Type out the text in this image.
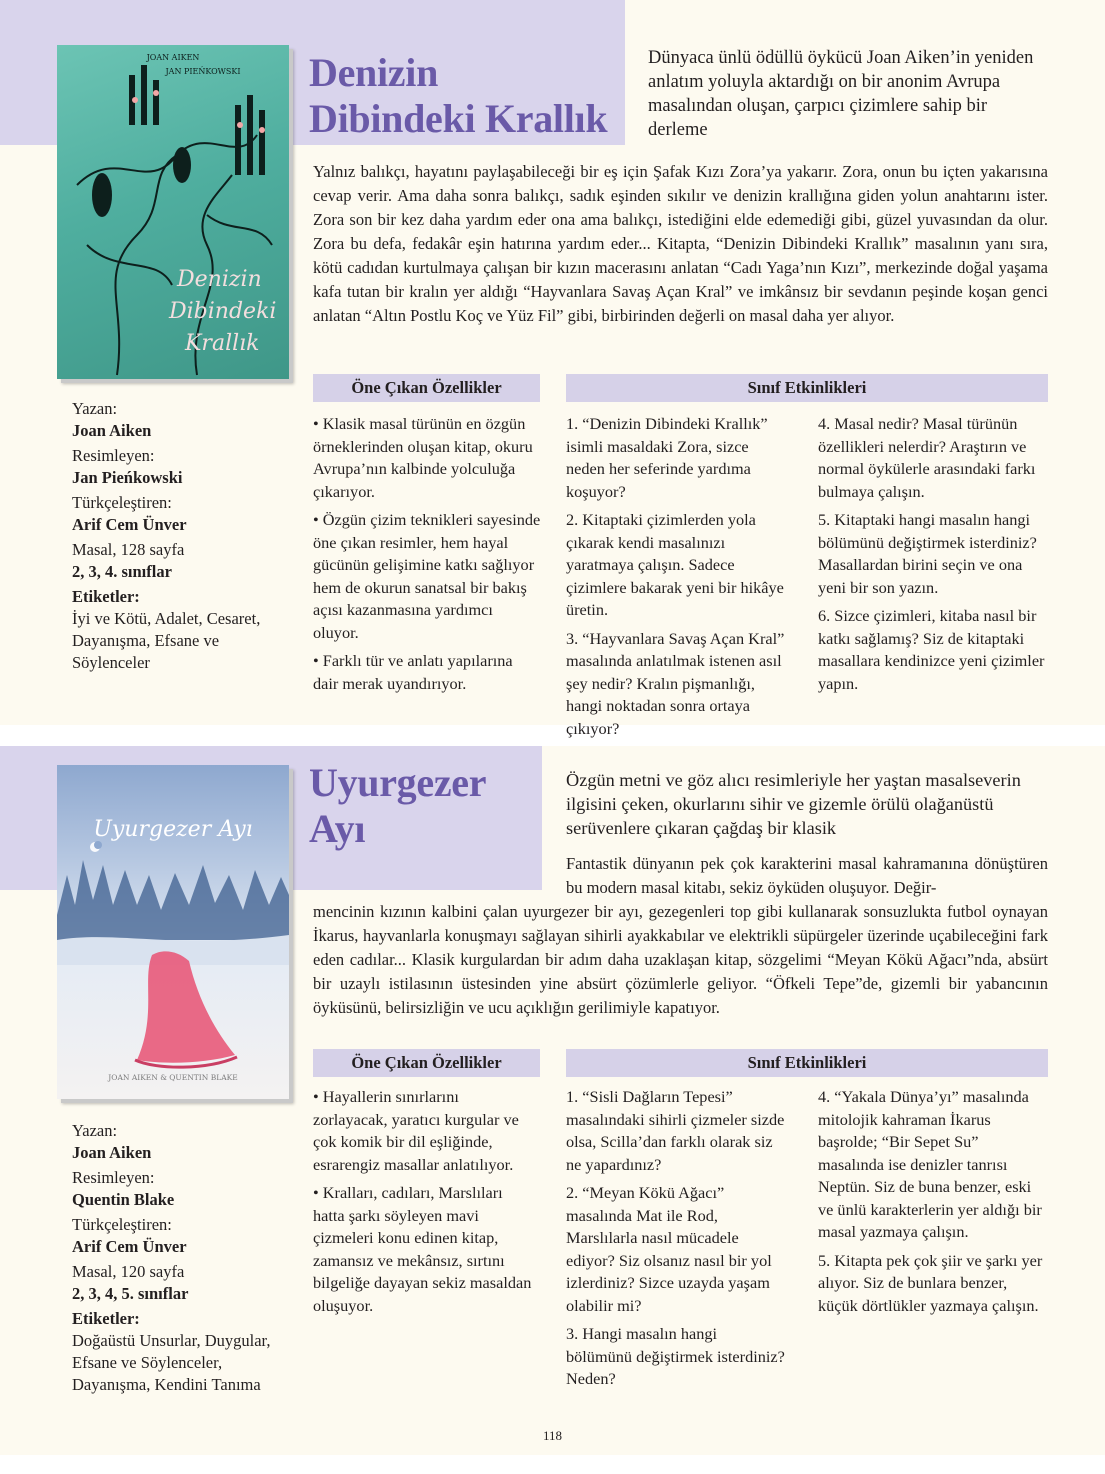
JOAN AIKEN
JAN PIEŃKOWSKI
Denizin
Dibindeki
Krallık
Denizin
Dibindeki Krallık
Dünyaca ünlü ödüllü öykücü Joan Aiken’in yeniden anlatım yoluyla aktardığı on bir anonim Avrupa masalından oluşan, çarpıcı çizimlere sahip bir derleme

Yalnız balıkçı, hayatını paylaşabileceği bir eş için Şafak Kızı Zora’ya yakarır. Zora, onun bu içten yakarısına cevap verir. Ama daha sonra balıkçı, sadık eşinden sıkılır ve denizin krallığına giden yolun anahtarını ister. Zora son bir kez daha yardım eder ona ama balıkçı, istediğini elde edemediği gibi, güzel yuvasından da olur. Zora bu defa, fedakâr eşin hatırına yardım eder... Kitapta, “Denizin Dibindeki Krallık” masalının yanı sıra, kötü cadıdan kurtulmaya çalışan bir kızın macerasını anlatan “Cadı Yaga’nın Kızı”, merkezinde doğal yaşama kafa tutan bir kralın yer aldığı “Hayvanlara Savaş Açan Kral” ve imkânsız bir sevdanın peşinde koşan genci anlatan “Altın Postlu Koç ve Yüz Fil” gibi, birbirinden değerli on masal daha yer alıyor.

Yazan:
Joan Aiken
Resimleyen:
Jan Pieńkowski
Türkçeleştiren:
Arif Cem Ünver
Masal, 128 sayfa
2, 3, 4. sınıflar
Etiketler:
İyi ve Kötü, Adalet, Cesaret, Dayanışma, Efsane ve Söylenceler
Öne Çıkan Özellikler	Sınıf Etkinlikleri

• Klasik masal türünün en özgün örneklerinden oluşan kitap, okuru Avrupa’nın kalbinde yolculuğa çıkarıyor.

• Özgün çizim teknikleri sayesinde öne çıkan resimler, hem hayal gücünün gelişimine katkı sağlıyor hem de okurun sanatsal bir bakış açısı kazanmasına yardımcı oluyor.

• Farklı tür ve anlatı yapılarına dair merak uyandırıyor.

1. “Denizin Dibindeki Krallık” isimli masaldaki Zora, sizce neden her seferinde yardıma koşuyor?

2. Kitaptaki çizimlerden yola çıkarak kendi masalınızı yaratmaya çalışın. Sadece çizimlere bakarak yeni bir hikâye üretin.

3. “Hayvanlara Savaş Açan Kral” masalında anlatılmak istenen asıl şey nedir? Kralın pişmanlığı, hangi noktadan sonra ortaya çıkıyor?

4. Masal nedir? Masal türünün özellikleri nelerdir? Araştırın ve normal öykülerle arasındaki farkı bulmaya çalışın.

5. Kitaptaki hangi masalın hangi bölümünü değiştirmek isterdiniz? Masallardan birini seçin ve ona yeni bir son yazın.

6. Sizce çizimleri, kitaba nasıl bir katkı sağlamış? Siz de kitaptaki masallara kendinizce yeni çizimler yapın.

Uyurgezer Ayı
JOAN AIKEN & QUENTIN BLAKE
Uyurgezer
Ayı
Özgün metni ve göz alıcı resimleriyle her yaştan masalseverin ilgisini çeken, okurlarını sihir ve gizemle örülü olağanüstü serüvenlere çıkaran çağdaş bir klasik

Fantastik dünyanın pek çok karakterini masal kahramanına dönüştüren bu modern masal kitabı, sekiz öyküden oluşuyor. Değir-

mencinin kızının kalbini çalan uyurgezer bir ayı, gezegenleri top gibi kullanarak sonsuzlukta futbol oynayan İkarus, hayvanlarla konuşmayı sağlayan sihirli ayakkabılar ve elektrikli süpürgeler üzerinde uçabileceğini fark eden cadılar... Klasik kurgulardan bir adım daha uzaklaşan kitap, sözgelimi “Meyan Kökü Ağacı”nda, absürt bir uzaylı istilasının üstesinden yine absürt çözümlerle geliyor. “Öfkeli Tepe”de, gizemli bir yabancının öyküsünü, belirsizliğin ve ucu açıklığın gerilimiyle kapatıyor.

Yazan:
Joan Aiken
Resimleyen:
Quentin Blake
Türkçeleştiren:
Arif Cem Ünver
Masal, 120 sayfa
2, 3, 4, 5. sınıflar
Etiketler:
Doğaüstü Unsurlar, Duygular, Efsane ve Söylenceler, Dayanışma, Kendini Tanıma
Öne Çıkan Özellikler	Sınıf Etkinlikleri

• Hayallerin sınırlarını zorlayacak, yaratıcı kurgular ve çok komik bir dil eşliğinde, esrarengiz masallar anlatılıyor.

• Kralları, cadıları, Marslıları hatta şarkı söyleyen mavi çizmeleri konu edinen kitap, zamansız ve mekânsız, sırtını bilgeliğe dayayan sekiz masaldan oluşuyor.

1. “Sisli Dağların Tepesi” masalındaki sihirli çizmeler sizde olsa, Scilla’dan farklı olarak siz ne yapardınız?

2. “Meyan Kökü Ağacı” masalında Mat ile Rod, Marslılarla nasıl mücadele ediyor? Siz olsanız nasıl bir yol izlerdiniz? Sizce uzayda yaşam olabilir mi?

3. Hangi masalın hangi bölümünü değiştirmek isterdiniz? Neden?

4. “Yakala Dünya’yı” masalında mitolojik kahraman İkarus başrolde; “Bir Sepet Su” masalında ise denizler tanrısı Neptün. Siz de buna benzer, eski ve ünlü karakterlerin yer aldığı bir masal yazmaya çalışın.

5. Kitapta pek çok şiir ve şarkı yer alıyor. Siz de bunlara benzer, küçük dörtlükler yazmaya çalışın.

118
